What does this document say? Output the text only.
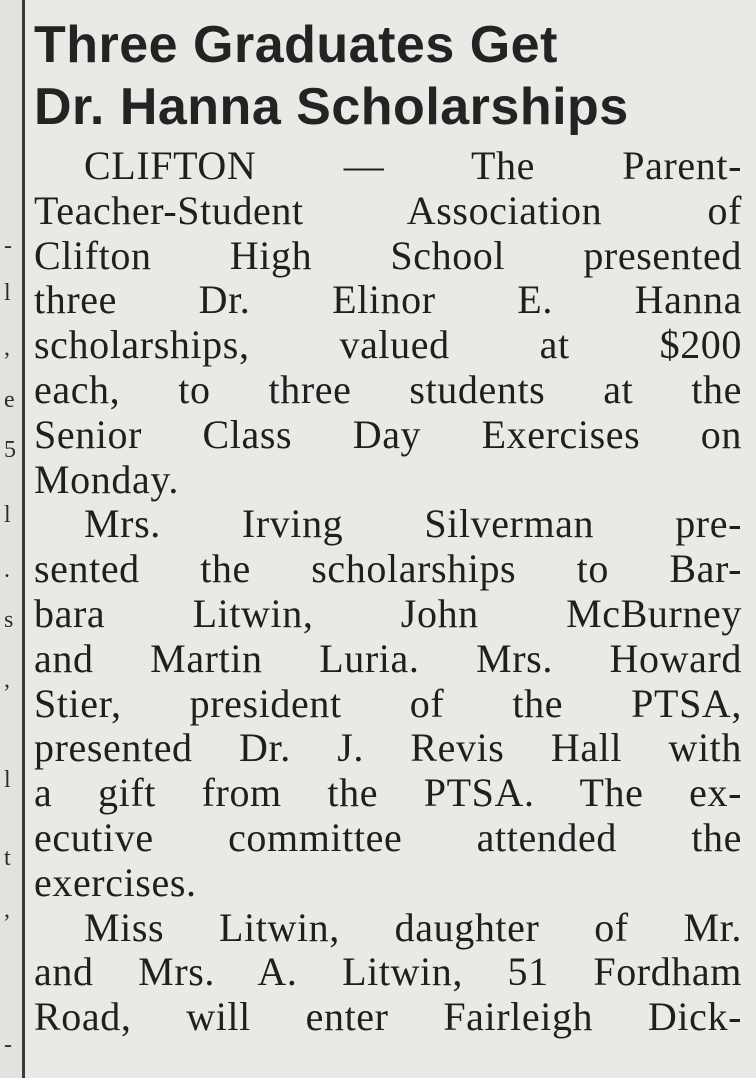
-
l
,
e
5
l
.
s
,
l
t
,
-
Three Graduates Get
Dr. Hanna Scholarships
CLIFTON — The Parent-
Teacher-Student Association of
Clifton High School presented
three Dr. Elinor E. Hanna
scholarships, valued at $200
each, to three students at the
Senior Class Day Exercises on
Monday.
Mrs. Irving Silverman pre-
sented the scholarships to Bar-
bara Litwin, John McBurney
and Martin Luria. Mrs. Howard
Stier, president of the PTSA,
presented Dr. J. Revis Hall with
a gift from the PTSA. The ex-
ecutive committee attended the
exercises.
Miss Litwin, daughter of Mr.
and Mrs. A. Litwin, 51 Fordham
Road, will enter Fairleigh Dick-
